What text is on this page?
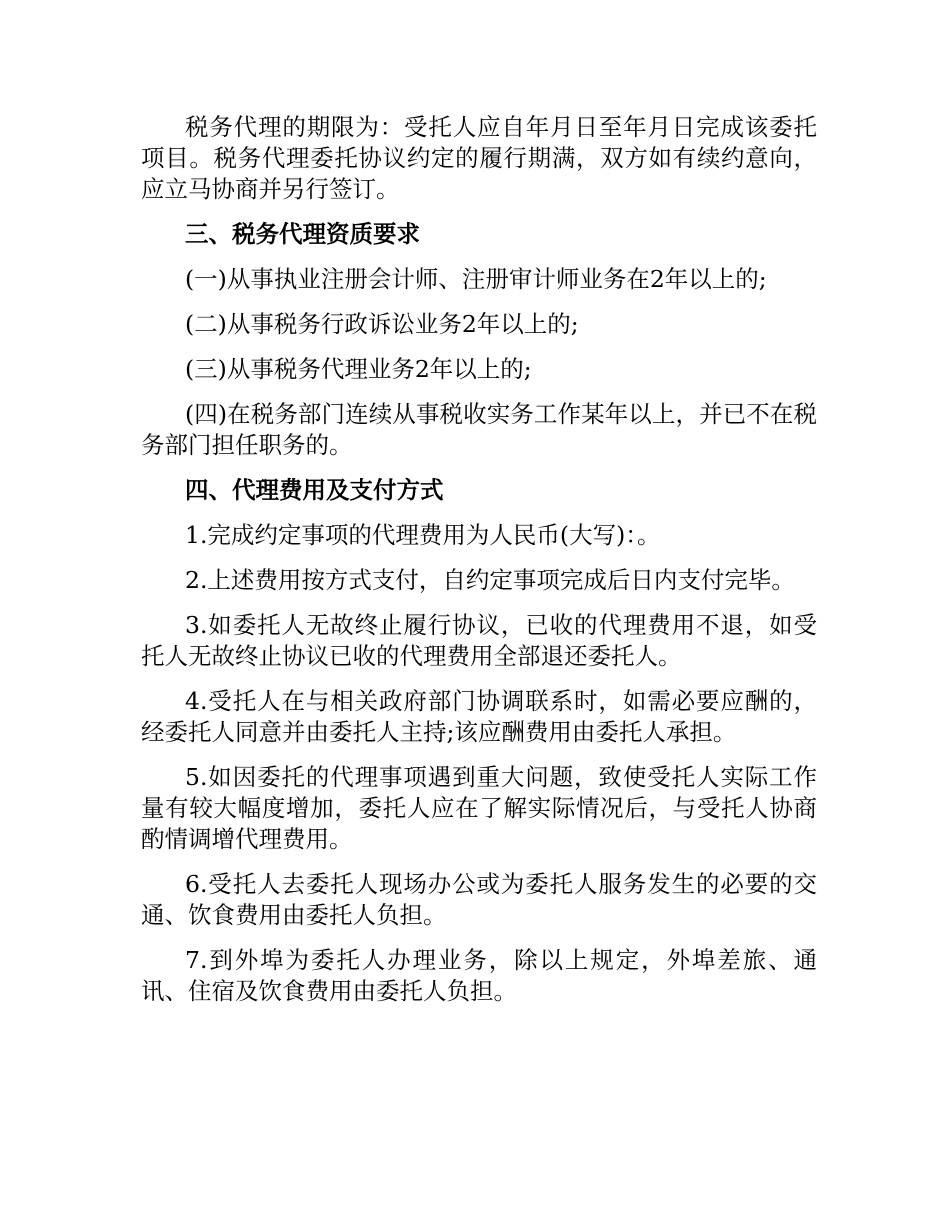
税务代理的期限为：受托人应自年月日至年月日完成该委托项目。税务代理委托协议约定的履行期满，双方如有续约意向，应立马协商并另行签订。

三、税务代理资质要求

(一)从事执业注册会计师、注册审计师业务在2年以上的;

(二)从事税务行政诉讼业务2年以上的;

(三)从事税务代理业务2年以上的;

(四)在税务部门连续从事税收实务工作某年以上，并已不在税务部门担任职务的。

四、代理费用及支付方式

1.完成约定事项的代理费用为人民币(大写)：。

2.上述费用按方式支付，自约定事项完成后日内支付完毕。

3.如委托人无故终止履行协议，已收的代理费用不退，如受托人无故终止协议已收的代理费用全部退还委托人。

4.受托人在与相关政府部门协调联系时，如需必要应酬的，经委托人同意并由委托人主持;该应酬费用由委托人承担。

5.如因委托的代理事项遇到重大问题，致使受托人实际工作量有较大幅度增加，委托人应在了解实际情况后，与受托人协商酌情调增代理费用。

6.受托人去委托人现场办公或为委托人服务发生的必要的交通、饮食费用由委托人负担。

7.到外埠为委托人办理业务，除以上规定，外埠差旅、通讯、住宿及饮食费用由委托人负担。
